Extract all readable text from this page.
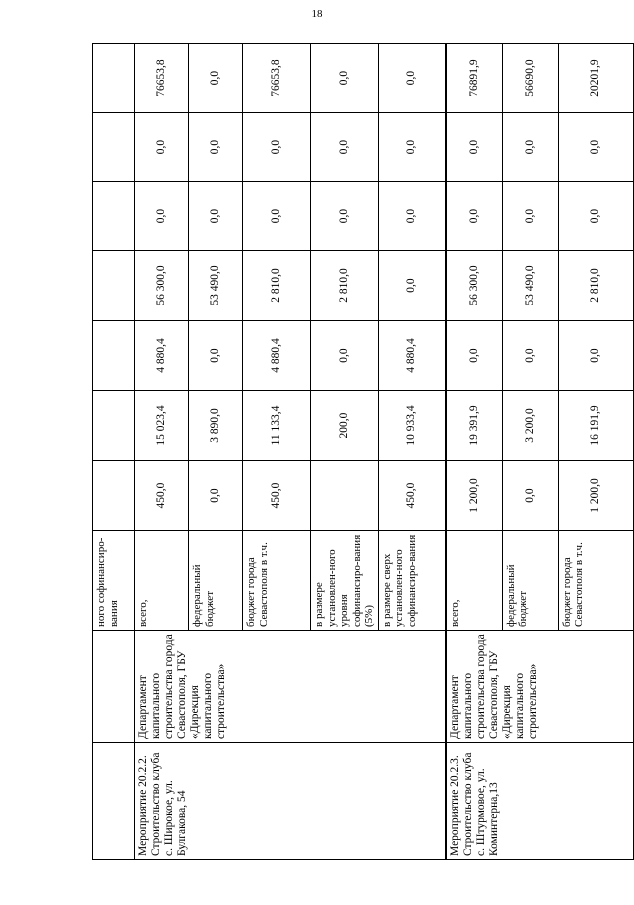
18
		ного софинансиро-вания							
Мероприятие 20.2.2. Строительство клуба с. Широкое, ул. Булгакова, 54	Департамент капитального строительства города Севастополя, ГБУ «Дирекция капитального строительства»	всего,	450,0	15 023,4	4 880,4	56 300,0	0,0	0,0	76653,8
		федеральный бюджет	0,0	3 890,0	0,0	53 490,0	0,0	0,0	0,0
		бюджет города Севастополя в т.ч.	450,0	11 133,4	4 880,4	2 810,0	0,0	0,0	76653,8
		в размере установлен-ного уровня софинансиро-вания (5%)		200,0	0,0	2 810,0	0,0	0,0	0,0
		в размере сверх установлен-ного софинансиро-вания	450,0	10 933,4	4 880,4	0,0	0,0	0,0	0,0
Мероприятие 20.2.3. Строительство клуба с. Штурмовое, ул. Коминтерна,13	Департамент капитального строительства города Севастополя, ГБУ «Дирекция капитального строительства»	всего,	1 200,0	19 391,9	0,0	56 300,0	0,0	0,0	76891,9
		федеральный бюджет	0,0	3 200,0	0,0	53 490,0	0,0	0,0	56690,0
		бюджет города Севастополя в т.ч.	1 200,0	16 191,9	0,0	2 810,0	0,0	0,0	20201,9
